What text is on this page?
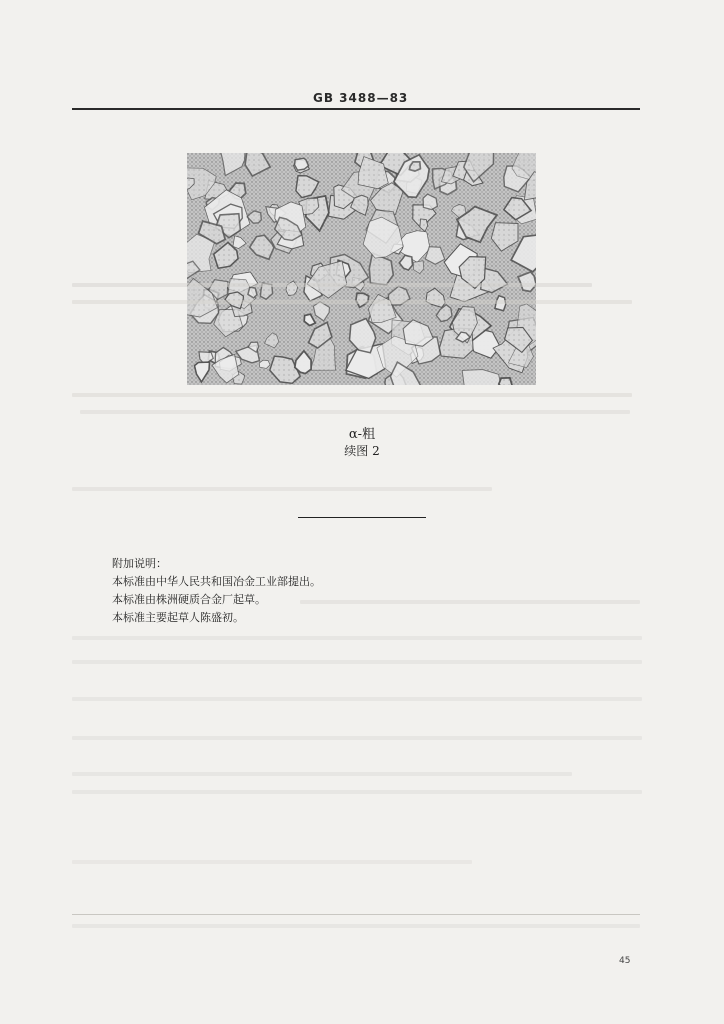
GB 3488—83
α-粗
续图 2
附加说明：
本标准由中华人民共和国冶金工业部提出。
本标准由株洲硬质合金厂起草。
本标准主要起草人陈盛初。
45
